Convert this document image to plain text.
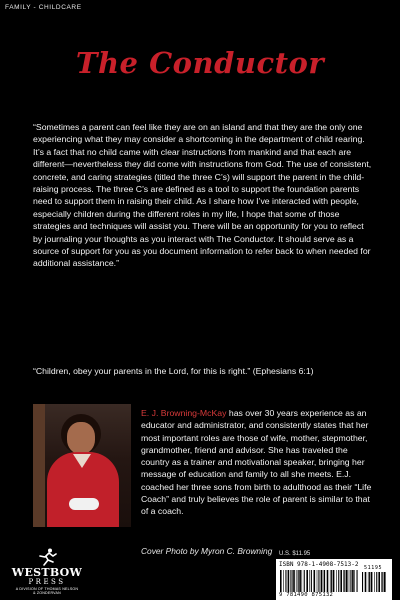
FAMILY - CHILDCARE
The Conductor

“Sometimes a parent can feel like they are on an island and that they are the only one experiencing what they may consider a shortcoming in the department of child rearing. It’s a fact that no child came with clear instructions from mankind and that each are different—nevertheless they did come with instructions from God. The use of consistent, concrete, and caring strategies (titled the three C’s) will support the parent in the child-raising process. The three C’s are defined as a tool to support the foundation parents need to support them in raising their child. As I share how I’ve interacted with people, especially children during the different roles in my life, I hope that some of those strategies and techniques will assist you. There will be an opportunity for you to reflect by journaling your thoughts as you interact with The Conductor. It should serve as a source of support for you as you document information to refer back to when needed for additional assistance.”

“Children, obey your parents in the Lord, for this is right.” (Ephesians 6:1)

E. J. Browning-McKay has over 30 years experience as an educator and administrator, and consistently states that her most important roles are those of wife, mother, stepmother, grandmother, friend and advisor. She has traveled the country as a trainer and motivational speaker, bringing her message of education and family to all she meets. E.J. coached her three sons from birth to adulthood as their “Life Coach” and truly believes the role of parent is similar to that of a coach.

Cover Photo by Myron C. Browning U.S. $11.95
ISBN 978-1-4908-7513-2 51195
9 781490 875132
WESTBOW
PRESS
A DIVISION OF THOMAS NELSON
& ZONDERVAN
